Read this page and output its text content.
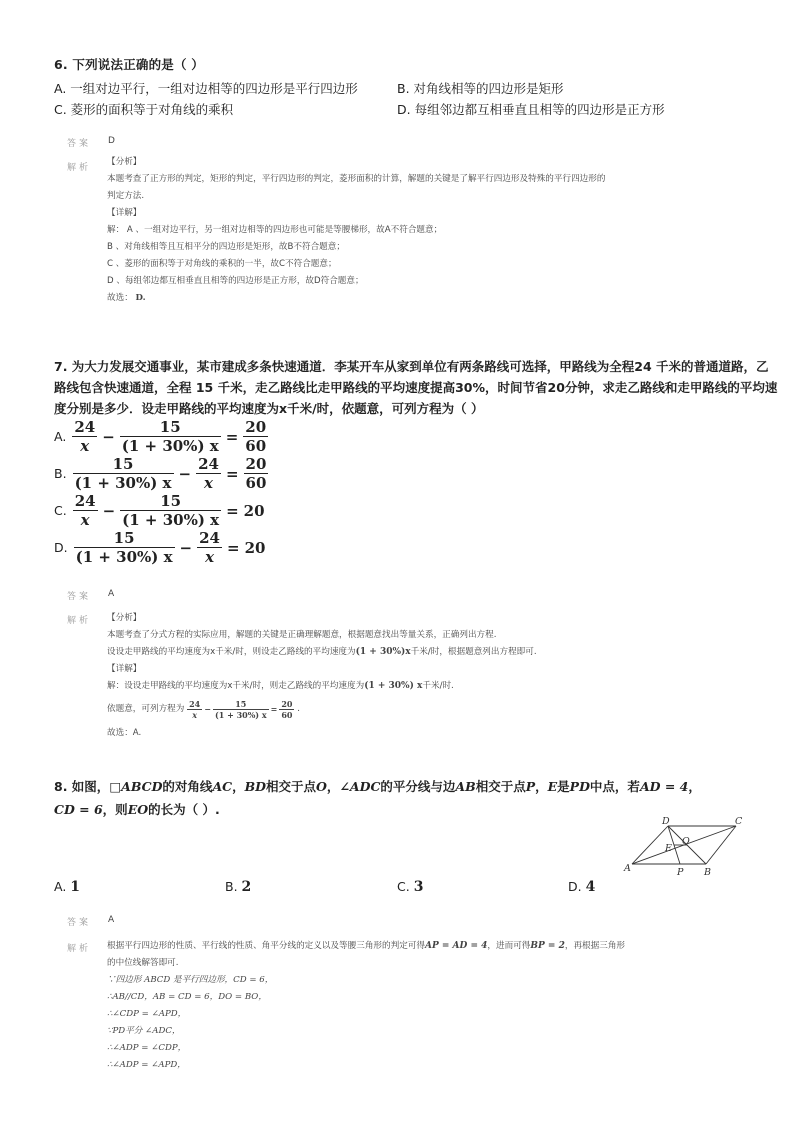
6. 下列说法正确的是（ ）
A. 一组对边平行，一组对边相等的四边形是平行四边形	B. 对角线相等的四边形是矩形
C. 菱形的面积等于对角线的乘积	D. 每组邻边都互相垂直且相等的四边形是正方形
答案 D
解析
【分析】
本题考查了正方形的判定，矩形的判定，平行四边形的判定，菱形面积的计算，解题的关键是了解平行四边形及特殊的平行四边形的
判定方法.
【详解】
解： A 、一组对边平行，另一组对边相等的四边形也可能是等腰梯形，故A不符合题意；
B 、对角线相等且互相平分的四边形是矩形，故B不符合题意；
C 、菱形的面积等于对角线的乘积的一半，故C不符合题意；
D 、每组邻边都互相垂直且相等的四边形是正方形，故D符合题意；
故选： D.
7. 为大力发展交通事业，某市建成多条快速通道．李某开车从家到单位有两条路线可选择，甲路线为全程24 千米的普通道路，乙
路线包含快速通道，全程 15 千米，走乙路线比走甲路线的平均速度提高30%，时间节省20分钟，求走乙路线和走甲路线的平均速
度分别是多少．设走甲路线的平均速度为x千米/时，依题意，可列方程为（ ）
A. $\frac{24}{x} - \frac{15}{(1 + 30\%) x} = \frac{20}{60}$
B. $\frac{15}{(1 + 30\%) x} - \frac{24}{x} = \frac{20}{60}$
C. $\frac{24}{x} - \frac{15}{(1 + 30\%) x} = 20$
D. $\frac{15}{(1 + 30\%) x} - \frac{24}{x} = 20$
答案 A
解析 【分析】
本题考查了分式方程的实际应用，解题的关键是正确理解题意，根据题意找出等量关系，正确列出方程.
设设走甲路线的平均速度为x千米/时，则设走乙路线的平均速度为(1 + 30%)x千米/时，根据题意列出方程即可.
【详解】
解：设设走甲路线的平均速度为x千米/时，则走乙路线的平均速度为(1 + 30%) x千米/时.
依题意，可列方程为 $\frac{24}{x} - \frac{15}{(1 + 30\%) x} = \frac{20}{60}$ .
故选：A.
8. 如图，□ABCD的对角线AC，BD相交于点O，∠ADC的平分线与边AB相交于点P，E是PD中点，若AD = 4，
CD = 6，则EO的长为（ ）.
A	B
C
D
E
O
P
A. 1	B. 2	C. 3	D. 4
答案 A
解析 根据平行四边形的性质、平行线的性质、角平分线的定义以及等腰三角形的判定可得AP = AD = 4，进而可得BP = 2，再根据三角形
的中位线解答即可.
∵四边形 ABCD 是平行四边形，CD = 6，
∴AB//CD，AB = CD = 6，DO = BO，
∴∠CDP = ∠APD，
∵PD平分 ∠ADC，
∴∠ADP = ∠CDP，
∴∠ADP = ∠APD，
